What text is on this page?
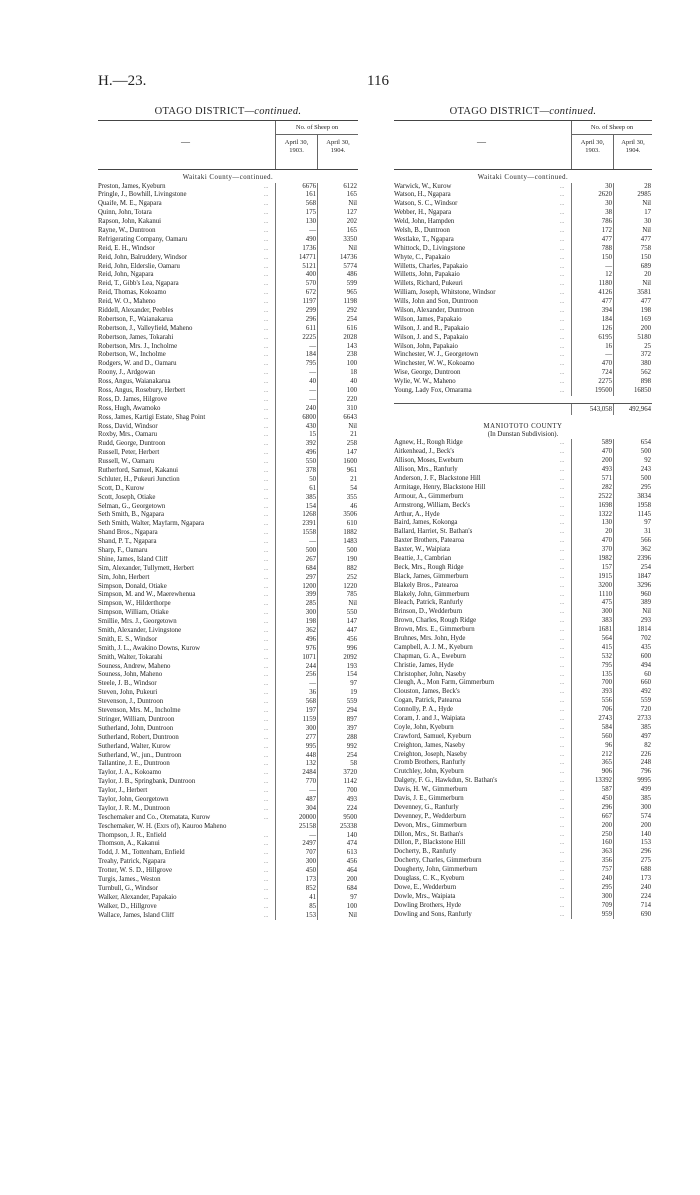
H.—23.	116
OTAGO DISTRICT—continued.
—
No. of Sheep on
April 30,
1903.
April 30,
1904.
Waitaki County—continued.
Preston, James, Kyeburn	...	6676	6122
Pringle, J., Bowhill, Livingstone	...	161	165
Quaife, M. E., Ngapara	...	568	Nil
Quinn, John, Totara	...	175	127
Rapson, John, Kakanui	...	130	202
Rayne, W., Duntroon	...	—	165
Refrigerating Company, Oamaru	...	490	3350
Reid, E. H., Windsor	...	1736	Nil
Reid, John, Balruddery, Windsor	...	14771	14736
Reid, John, Elderslie, Oamaru	...	5121	5774
Reid, John, Ngapara	...	400	486
Reid, T., Gibb's Lea, Ngapara	...	570	599
Reid, Thomas, Kokoamo	...	672	965
Reid, W. O., Maheno	...	1197	1198
Riddell, Alexander, Peebles	...	299	292
Robertson, F., Waianakarua	...	296	254
Robertson, J., Valleyfield, Maheno	...	611	616
Robertson, James, Tokarahi	...	2225	2028
Robertson, Mrs. J., Incholme	...	—	143
Robertson, W., Incholme	...	184	238
Rodgers, W. and D., Oamaru	...	795	100
Roony, J., Ardgowan	...	—	18
Ross, Angus, Waianakarua	...	40	40
Ross, Angus, Rosebury, Herbert	...	—	100
Ross, D. James, Hilgrove	...	—	220
Ross, Hugh, Awamoko	...	240	310
Ross, James, Kartigi Estate, Shag Point	...	6800	6643
Ross, David, Windsor	...	430	Nil
Roxby, Mrs., Oamaru	...	15	21
Rudd, George, Duntroon	...	392	258
Russell, Peter, Herbert	...	496	147
Russell, W., Oamaru	...	550	1600
Rutherford, Samuel, Kakanui	...	378	961
Schluter, H., Pukeuri Junction	...	50	21
Scott, D., Kurow	...	61	54
Scott, Joseph, Otiake	...	385	355
Selman, G., Georgetown	...	154	46
Seth Smith, B., Ngapara	...	1268	3506
Seth Smith, Walter, Mayfarm, Ngapara	...	2391	610
Shand Bros., Ngapara	...	1558	1882
Shand, P. T., Ngapara	...	—	1483
Sharp, F., Oamaru	...	500	500
Shine, James, Island Cliff	...	267	190
Sim, Alexander, Tullymett, Herbert	...	684	882
Sim, John, Herbert	...	297	252
Simpson, Donald, Otiake	...	1200	1220
Simpson, M. and W., Maerewhenua	...	399	785
Simpson, W., Hilderthorpe	...	285	Nil
Simpson, William, Otiake	...	300	550
Smillie, Mrs. J., Georgetown	...	198	147
Smith, Alexander, Livingstone	...	362	447
Smith, E. S., Windsor	...	496	456
Smith, J. L., Awakino Downs, Kurow	...	976	996
Smith, Walter, Tokarahi	...	1071	2092
Souness, Andrew, Maheno	...	244	193
Souness, John, Maheno	...	256	154
Steele, J. B., Windsor	...	—	97
Steven, John, Pukeuri	...	36	19
Stevenson, J., Duntroon	...	568	559
Stevenson, Mrs. M., Incholme	...	197	294
Stringer, William, Duntroon	...	1159	897
Sutherland, John, Duntroon	...	300	397
Sutherland, Robert, Duntroon	...	277	288
Sutherland, Walter, Kurow	...	995	992
Sutherland, W., jun., Duntroon	...	448	254
Tallantine, J. E., Duntroon	...	132	58
Taylor, J. A., Kokoamo	...	2484	3720
Taylor, J. B., Springbank, Duntroon	...	770	1142
Taylor, J., Herbert	...	—	700
Taylor, John, Georgetown	...	487	493
Taylor, J. R. M., Duntroon	...	304	224
Teschemaker and Co., Otematata, Kurow	...	20000	9500
Teschemaker, W. H. (Exrs of), Kauroo Maheno	25158	25338
Thompson, J. R., Enfield	...	—	140
Thomson, A., Kakanui	...	2497	474
Todd, J. M., Tottenham, Enfield	...	707	613
Treahy, Patrick, Ngapara	...	300	456
Trotter, W. S. D., Hillgrove	...	450	464
Turgis, James., Weston	...	173	200
Turnbull, G., Windsor	...	852	684
Walker, Alexander, Papakaio	...	41	97
Walker, D., Hillgrove	...	85	100
Wallace, James, Island Cliff	...	153	Nil
OTAGO DISTRICT—continued.
—
No. of Sheep on
April 30,
1903.
April 30,
1904.
Waitaki County—continued.
Warwick, W., Kurow	...	30	28
Watson, H., Ngapara	...	2620	2985
Watson, S. C., Windsor	...	30	Nil
Webber, H., Ngapara	...	38	17
Weld, John, Hampden	...	786	30
Welsh, B., Duntroon	...	172	Nil
Westlake, T., Ngapara	...	477	477
Whittock, D., Livingstone	...	788	758
Whyte, C., Papakaio	...	150	150
Willetts, Charles, Papakaio	...	—	689
Willetts, John, Papakaio	...	12	20
Willets, Richard, Pukeuri	...	1180	Nil
William, Joseph, Whitstone, Windsor	...	4126	3581
Wills, John and Son, Duntroon	...	477	477
Wilson, Alexander, Duntroon	...	394	198
Wilson, James, Papakaio	...	184	169
Wilson, J. and R., Papakaio	...	126	200
Wilson, J. and S., Papakaio	...	6195	5180
Wilson, John, Papakaio	...	16	25
Winchester, W. J., Georgetown	...	—	372
Winchester, W. W., Kokoamo	...	470	380
Wise, George, Duntroon	...	724	562
Wylie, W. W., Maheno	...	2275	898
Young, Lady Fox, Omarama	...	19500	16850
543,058	492,964
MANIOTOTO COUNTY
(In Dunstan Subdivision).
Agnew, H., Rough Ridge	...	589	654
Aitkenhead, J., Beck's	...	470	500
Allison, Moses, Eweburn	...	200	92
Allison, Mrs., Ranfurly	...	493	243
Anderson, J. F., Blackstone Hill	...	571	500
Armitage, Henry, Blackstone Hill	...	282	295
Armour, A., Gimmerburn	...	2522	3834
Armstrong, William, Beck's	...	1698	1958
Arthur, A., Hyde	...	1322	1145
Baird, James, Kokonga	...	130	97
Ballard, Harriet, St. Bathan's	...	20	31
Baxter Brothers, Patearoa	...	470	566
Baxter, W., Waipiata	...	370	362
Beattie, J., Cambrian	...	1982	2396
Beck, Mrs., Rough Ridge	...	157	254
Black, James, Gimmerburn	...	1915	1847
Blakely Bros., Patearoa	...	3200	3296
Blakely, John, Gimmerburn	...	1110	960
Bleach, Patrick, Ranfurly	...	475	389
Brinson, D., Wedderburn	...	300	Nil
Brown, Charles, Rough Ridge	...	383	293
Brown, Mrs. E., Gimmerburn	...	1681	1814
Bruhnes, Mrs. John, Hyde	...	564	702
Campbell, A. J. M., Kyeburn	...	415	435
Chapman, G. A., Eweburn	...	532	600
Christie, James, Hyde	...	795	494
Christopher, John, Naseby	...	135	60
Cleugh, A., Mon Farm, Gimmerburn	...	700	660
Clouston, James, Beck's	...	393	492
Cogan, Patrick, Patearoa	...	556	559
Connolly, P. A., Hyde	...	706	720
Coram, J. and J., Waipiata	...	2743	2733
Coyle, John, Kyeburn	...	584	385
Crawford, Samuel, Kyeburn	...	560	497
Creighton, James, Naseby	...	96	82
Creighton, Joseph, Naseby	...	212	226
Cromb Brothers, Ranfurly	...	365	248
Crutchley, John, Kyeburn	...	906	796
Dalgety, F. G., Hawkdun, St. Bathan's	...	13392	9995
Davis, H. W., Gimmerburn	...	587	499
Davis, J. E., Gimmerburn	...	450	385
Devenney, G., Ranfurly	...	296	300
Devenney, P., Wedderburn	...	667	574
Devon, Mrs., Gimmerburn	...	200	200
Dillon, Mrs., St. Bathan's	...	250	140
Dillon, P., Blackstone Hill	...	160	153
Docherty, B., Ranfurly	...	363	296
Docherty, Charles, Gimmerburn	...	356	275
Dougherty, John, Gimmerburn	...	757	688
Douglass, C. K., Kyeburn	...	240	173
Dowe, E., Wedderburn	...	295	240
Dowle, Mrs., Waipiata	...	300	224
Dowling Brothers, Hyde	...	709	714
Dowling and Sons, Ranfurly	...	959	690
